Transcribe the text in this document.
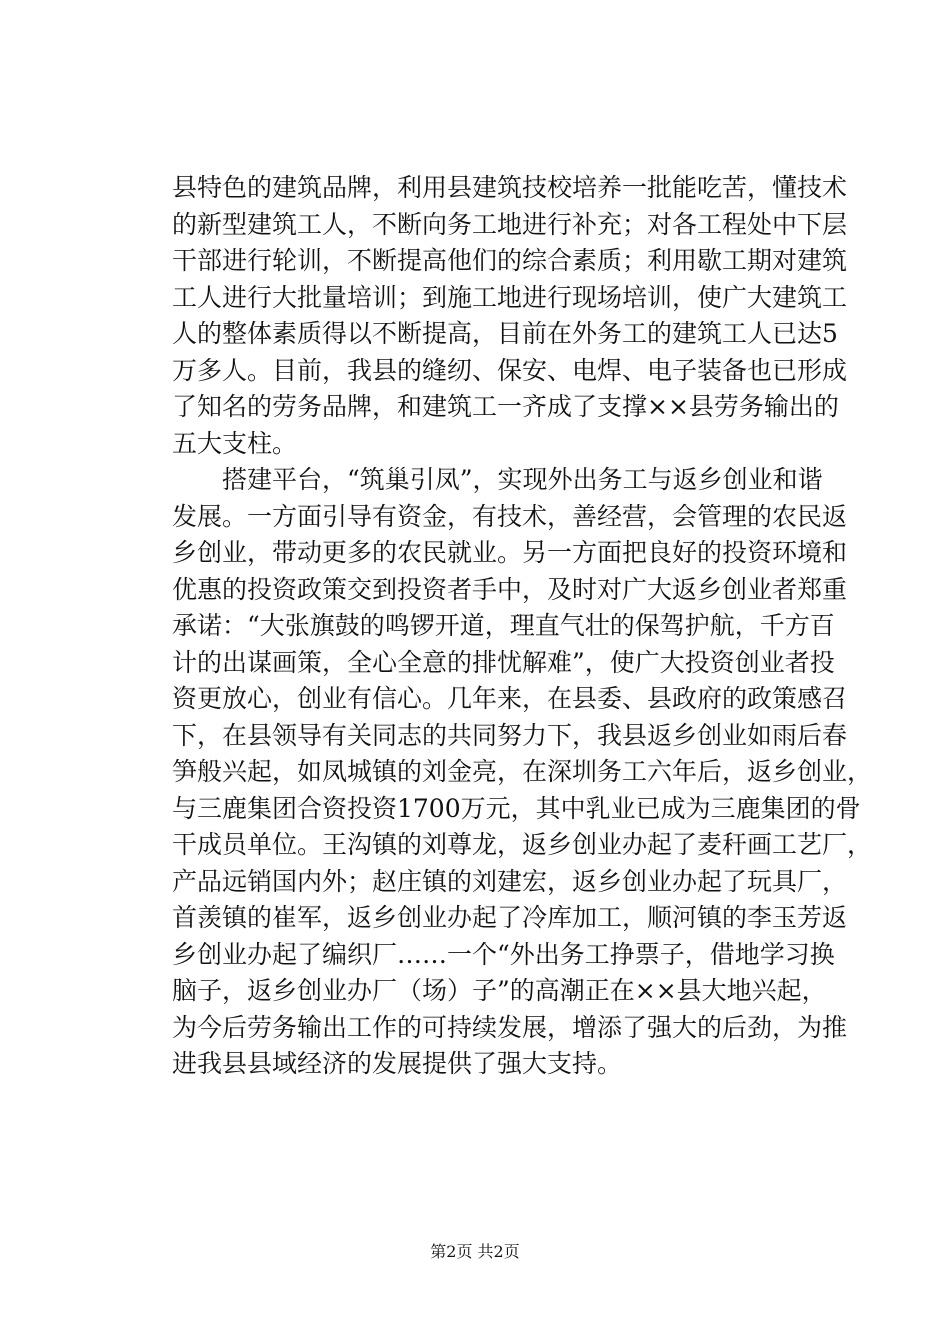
县特色的建筑品牌，利用县建筑技校培养一批能吃苦，懂技术
的新型建筑工人，不断向务工地进行补充；对各工程处中下层
干部进行轮训，不断提高他们的综合素质；利用歇工期对建筑
工人进行大批量培训；到施工地进行现场培训，使广大建筑工
人的整体素质得以不断提高，目前在外务工的建筑工人已达5
万多人。目前，我县的缝纫、保安、电焊、电子装备也已形成
了知名的劳务品牌，和建筑工一齐成了支撑××县劳务输出的
五大支柱。
搭建平台，“筑巢引凤”，实现外出务工与返乡创业和谐
发展。一方面引导有资金，有技术，善经营，会管理的农民返
乡创业，带动更多的农民就业。另一方面把良好的投资环境和
优惠的投资政策交到投资者手中，及时对广大返乡创业者郑重
承诺：“大张旗鼓的鸣锣开道，理直气壮的保驾护航，千方百
计的出谋画策，全心全意的排忧解难”，使广大投资创业者投
资更放心，创业有信心。几年来，在县委、县政府的政策感召
下，在县领导有关同志的共同努力下，我县返乡创业如雨后春
笋般兴起，如凤城镇的刘金亮，在深圳务工六年后，返乡创业，
与三鹿集团合资投资1700万元，其中乳业已成为三鹿集团的骨
干成员单位。王沟镇的刘尊龙，返乡创业办起了麦秆画工艺厂，
产品远销国内外；赵庄镇的刘建宏，返乡创业办起了玩具厂，
首羡镇的崔军，返乡创业办起了冷库加工，顺河镇的李玉芳返
乡创业办起了编织厂……一个“外出务工挣票子，借地学习换
脑子，返乡创业办厂（场）子”的高潮正在××县大地兴起，
为今后劳务输出工作的可持续发展，增添了强大的后劲，为推
进我县县域经济的发展提供了强大支持。
第2页 共2页
